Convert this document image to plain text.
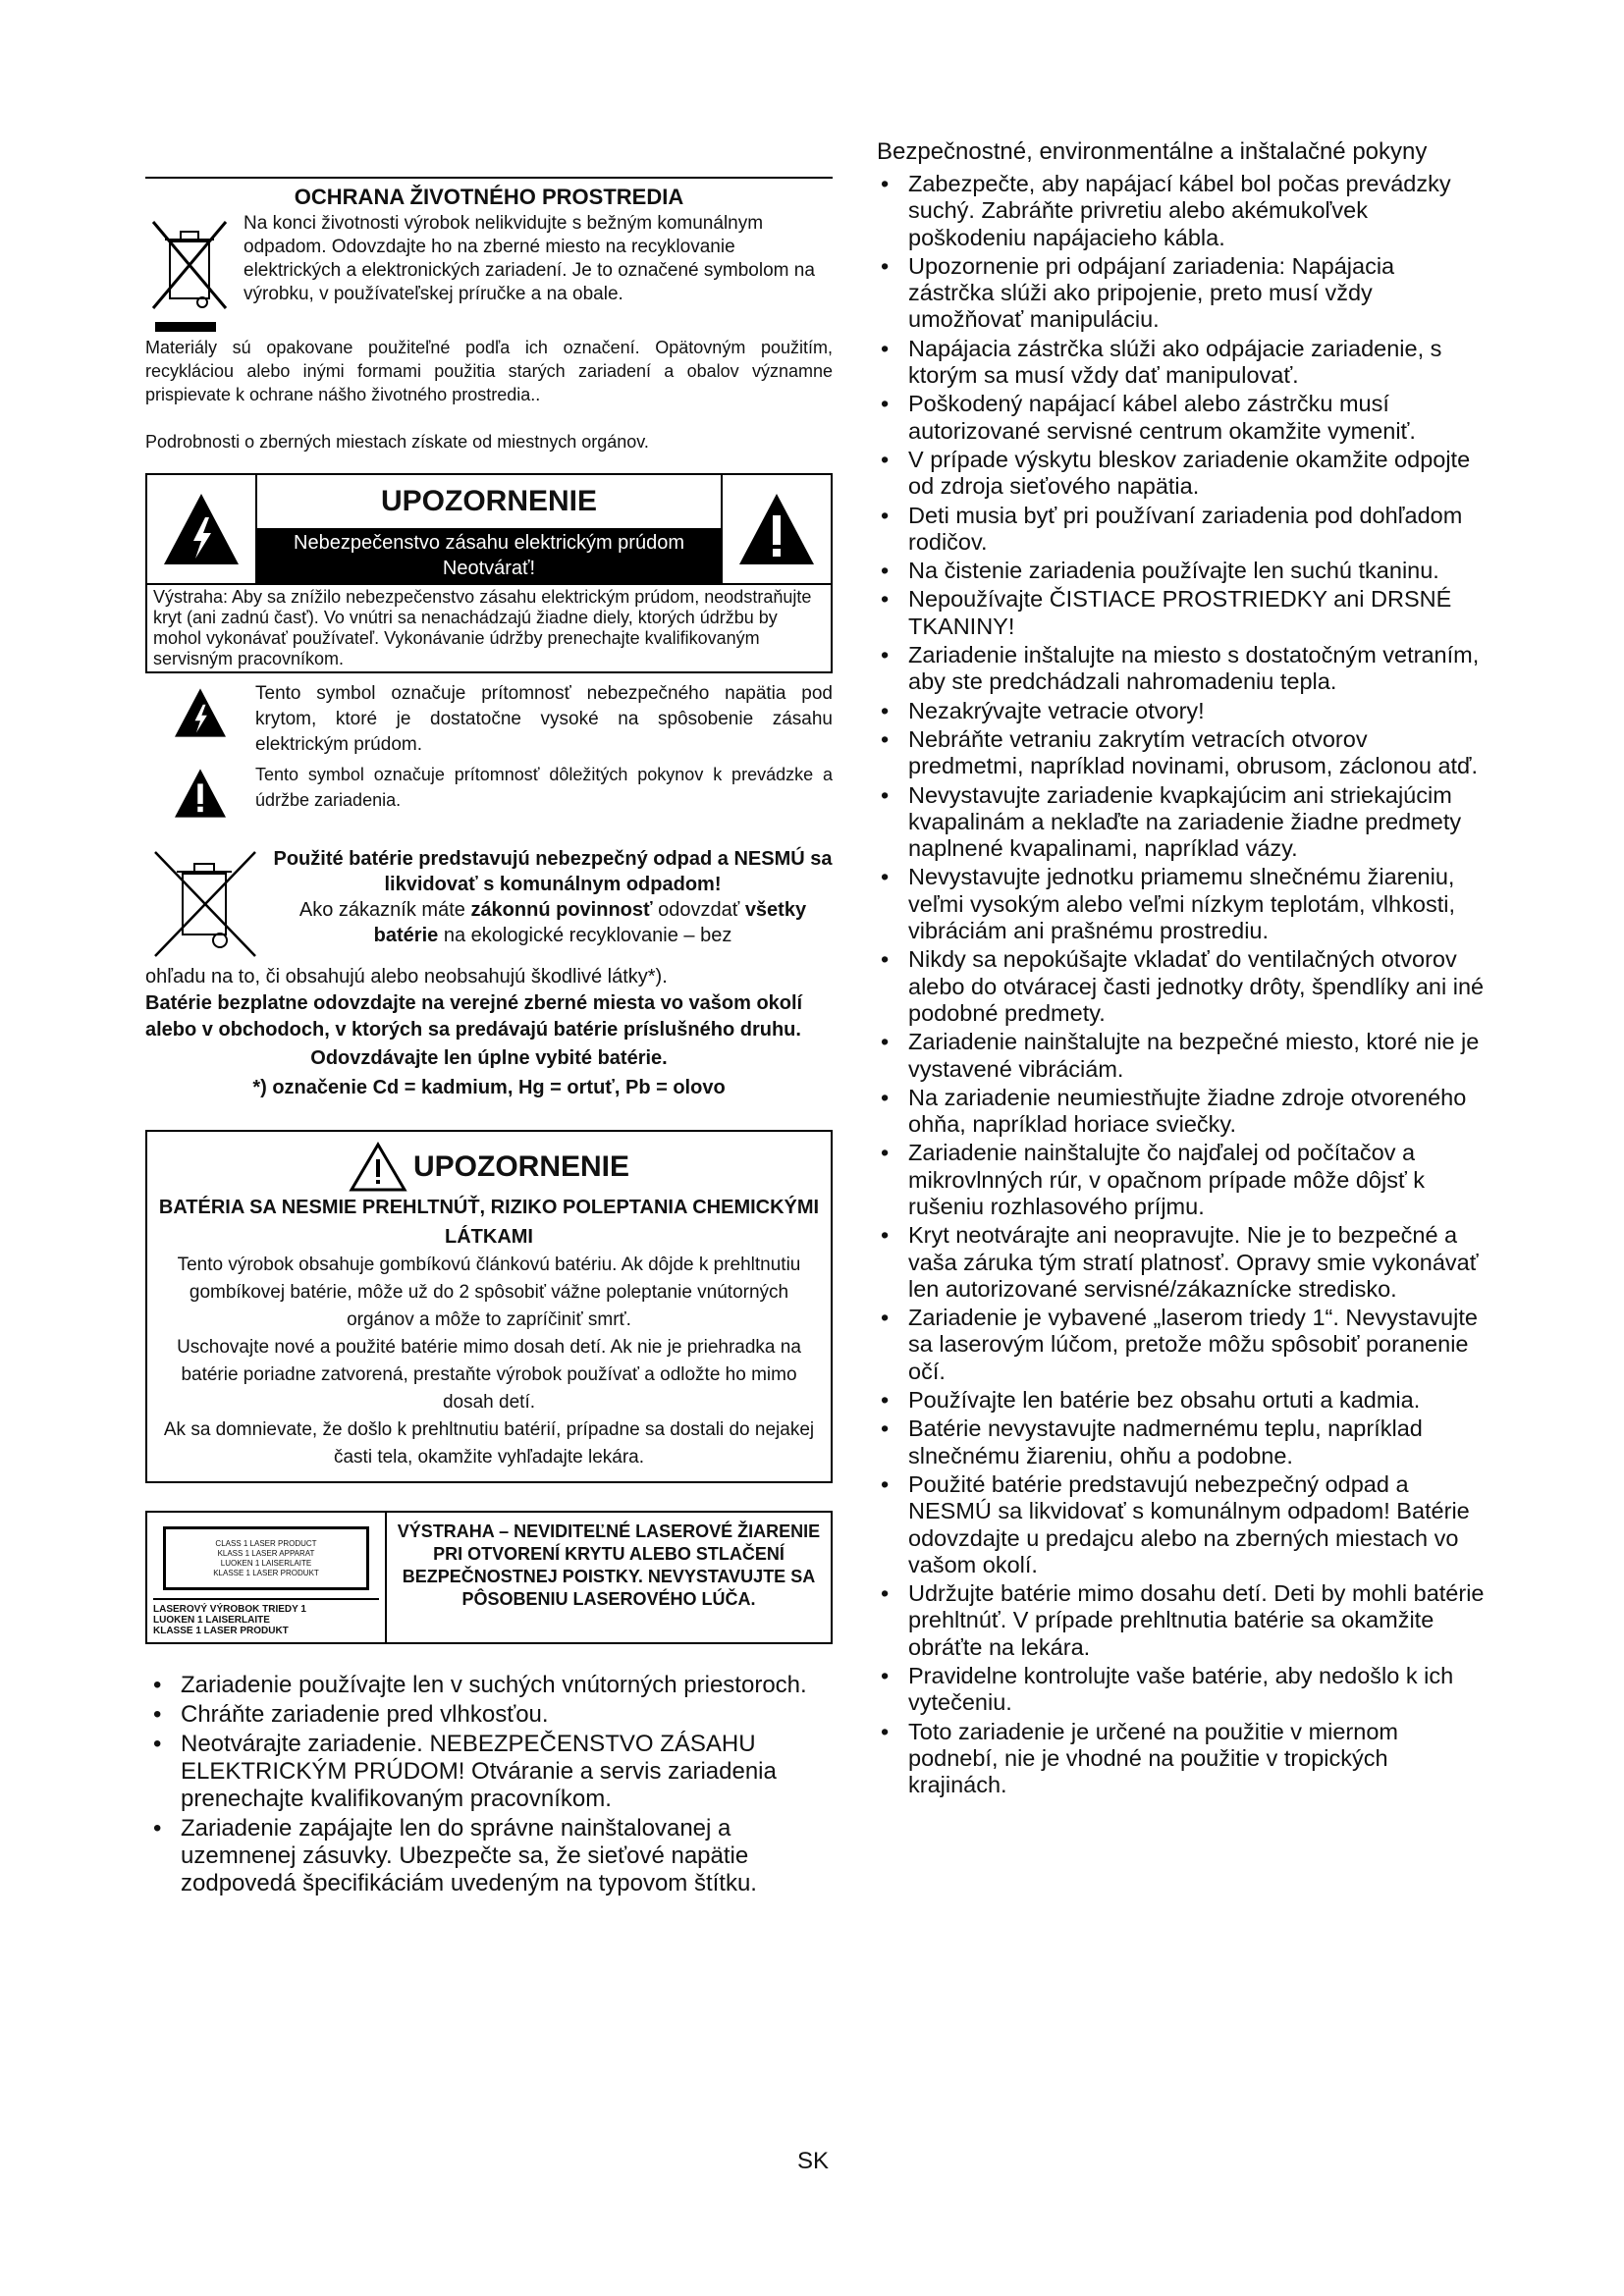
OCHRANA ŽIVOTNÉHO PROSTREDIA

Na konci životnosti výrobok nelikvidujte s bežným komunálnym odpadom. Odovzdajte ho na zberné miesto na recyklovanie elektrických a elektronických zariadení. Je to označené symbolom na výrobku, v používateľskej príručke a na obale.

Materiály sú opakovane použiteľné podľa ich označení. Opätovným použitím, recykláciou alebo inými formami použitia starých zariadení a obalov významne prispievate k ochrane nášho životného prostredia..

Podrobnosti o zberných miestach získate od miestnych orgánov.

UPOZORNENIE
Nebezpečenstvo zásahu elektrickým prúdom Neotvárať!

Výstraha: Aby sa znížilo nebezpečenstvo zásahu elektrickým prúdom, neodstraňujte kryt (ani zadnú časť). Vo vnútri sa nenachádzajú žiadne diely, ktorých údržbu by mohol vykonávať používateľ. Vykonávanie údržby prenechajte kvalifikovaným servisným pracovníkom.

Tento symbol označuje prítomnosť nebezpečného napätia pod krytom, ktoré je dostatočne vysoké na spôsobenie zásahu elektrickým prúdom.

Tento symbol označuje prítomnosť dôležitých pokynov k prevádzke a údržbe zariadenia.

Použité batérie predstavujú nebezpečný odpad a NESMÚ sa likvidovať s komunálnym odpadom!

Ako zákazník máte zákonnú povinnosť odovzdať všetky batérie na ekologické recyklovanie – bez

ohľadu na to, či obsahujú alebo neobsahujú škodlivé látky*).

Batérie bezplatne odovzdajte na verejné zberné miesta vo vašom okolí alebo v obchodoch, v ktorých sa predávajú batérie príslušného druhu.

Odovzdávajte len úplne vybité batérie.

*) označenie Cd = kadmium, Hg = ortuť, Pb = olovo

UPOZORNENIE

BATÉRIA SA NESMIE PREHLTNÚŤ, RIZIKO POLEPTANIA CHEMICKÝMI LÁTKAMI

Tento výrobok obsahuje gombíkovú článkovú batériu. Ak dôjde k prehltnutiu gombíkovej batérie, môže už do 2 spôsobiť vážne poleptanie vnútorných orgánov a môže to zapríčiniť smrť.

Uschovajte nové a použité batérie mimo dosah detí. Ak nie je priehradka na batérie poriadne zatvorená, prestaňte výrobok používať a odložte ho mimo dosah detí.

Ak sa domnievate, že došlo k prehltnutiu batérií, prípadne sa dostali do nejakej časti tela, okamžite vyhľadajte lekára.

CLASS 1 LASER PRODUCT
KLASS 1 LASER APPARAT
LUOKEN 1 LAISERLAITE
KLASSE 1 LASER PRODUKT
LASEROVÝ VÝROBOK TRIEDY 1
LUOKEN 1 LAISERLAITE
KLASSE 1 LASER PRODUKT

VÝSTRAHA – NEVIDITEĽNÉ LASEROVÉ ŽIARENIE PRI OTVORENÍ KRYTU ALEBO STLAČENÍ BEZPEČNOSTNEJ POISTKY. NEVYSTAVUJTE SA PÔSOBENIU LASEROVÉHO LÚČA.

• Zariadenie používajte len v suchých vnútorných priestoroch.
• Chráňte zariadenie pred vlhkosťou.
• Neotvárajte zariadenie. NEBEZPEČENSTVO ZÁSAHU ELEKTRICKÝM PRÚDOM! Otváranie a servis zariadenia prenechajte kvalifikovaným pracovníkom.
• Zariadenie zapájajte len do správne nainštalovanej a uzemnenej zásuvky. Ubezpečte sa, že sieťové napätie zodpovedá špecifikáciám uvedeným na typovom štítku.

Bezpečnostné, environmentálne a inštalačné pokyny

• Zabezpečte, aby napájací kábel bol počas prevádzky suchý. Zabráňte privretiu alebo akémukoľvek poškodeniu napájacieho kábla.
• Upozornenie pri odpájaní zariadenia: Napájacia zástrčka slúži ako pripojenie, preto musí vždy umožňovať manipuláciu.
• Napájacia zástrčka slúži ako odpájacie zariadenie, s ktorým sa musí vždy dať manipulovať.
• Poškodený napájací kábel alebo zástrčku musí autorizované servisné centrum okamžite vymeniť.
• V prípade výskytu bleskov zariadenie okamžite odpojte od zdroja sieťového napätia.
• Deti musia byť pri používaní zariadenia pod dohľadom rodičov.
• Na čistenie zariadenia používajte len suchú tkaninu.
• Nepoužívajte ČISTIACE PROSTRIEDKY ani DRSNÉ TKANINY!
• Zariadenie inštalujte na miesto s dostatočným vetraním, aby ste predchádzali nahromadeniu tepla.
• Nezakrývajte vetracie otvory!
• Nebráňte vetraniu zakrytím vetracích otvorov predmetmi, napríklad novinami, obrusom, záclonou atď.
• Nevystavujte zariadenie kvapkajúcim ani striekajúcim kvapalinám a neklaďte na zariadenie žiadne predmety naplnené kvapalinami, napríklad vázy.
• Nevystavujte jednotku priamemu slnečnému žiareniu, veľmi vysokým alebo veľmi nízkym teplotám, vlhkosti, vibráciám ani prašnému prostrediu.
• Nikdy sa nepokúšajte vkladať do ventilačných otvorov alebo do otváracej časti jednotky drôty, špendlíky ani iné podobné predmety.
• Zariadenie nainštalujte na bezpečné miesto, ktoré nie je vystavené vibráciám.
• Na zariadenie neumiestňujte žiadne zdroje otvoreného ohňa, napríklad horiace sviečky.
• Zariadenie nainštalujte čo najďalej od počítačov a mikrovlnných rúr, v opačnom prípade môže dôjsť k rušeniu rozhlasového príjmu.
• Kryt neotvárajte ani neopravujte. Nie je to bezpečné a vaša záruka tým stratí platnosť. Opravy smie vykonávať len autorizované servisné/zákaznícke stredisko.
• Zariadenie je vybavené „laserom triedy 1“. Nevystavujte sa laserovým lúčom, pretože môžu spôsobiť poranenie očí.
• Používajte len batérie bez obsahu ortuti a kadmia.
• Batérie nevystavujte nadmernému teplu, napríklad slnečnému žiareniu, ohňu a podobne.
• Použité batérie predstavujú nebezpečný odpad a NESMÚ sa likvidovať s komunálnym odpadom! Batérie odovzdajte u predajcu alebo na zberných miestach vo vašom okolí.
• Udržujte batérie mimo dosahu detí. Deti by mohli batérie prehltnúť. V prípade prehltnutia batérie sa okamžite obráťte na lekára.
• Pravidelne kontrolujte vaše batérie, aby nedošlo k ich vytečeniu.
• Toto zariadenie je určené na použitie v miernom podnebí, nie je vhodné na použitie v tropických krajinách.
SK
